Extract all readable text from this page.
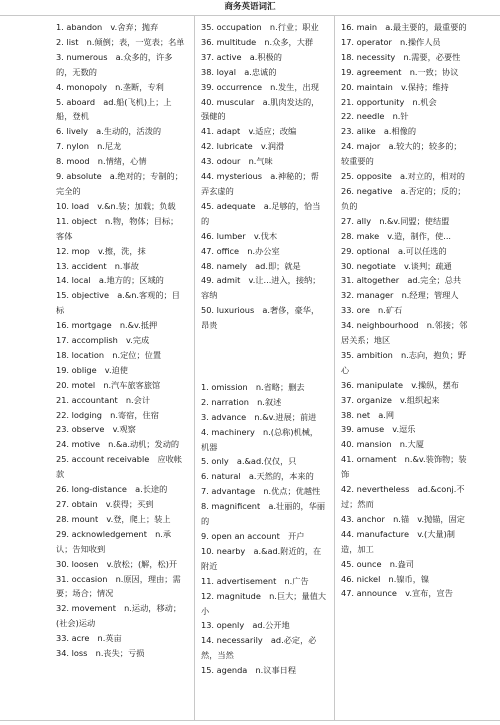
商务英语词汇

1. abandon　v.舍弃；抛弃

2. list　n.倾倒；表，一览表；名单

3. numerous　a.众多的，许多的，无数的

4. monopoly　n.垄断，专利

5. aboard　ad.船(飞机)上；上船，登机

6. lively　a.生动的，活泼的

7. nylon　n.尼龙

8. mood　n.情绪，心情

9. absolute　a.绝对的；专制的；完全的

10. load　v.&n.装；加载；负载

11. object　n.物，物体；目标；客体

12. mop　v.擦，洗，抹

13. accident　n.事故

14. local　a.地方的；区域的

15. objective　a.&n.客观的；目标

16. mortgage　n.&v.抵押

17. accomplish　v.完成

18. location　n.定位；位置

19. oblige　v.迫使

20. motel　n.汽车旅客旅馆

21. accountant　n.会计

22. lodging　n.寄宿，住宿

23. observe　v.观察

24. motive　n.&a.动机；发动的

25. account receivable　应收帐款

26. long-distance　a.长途的

27. obtain　v.获得；买到

28. mount　v.登，爬上；装上

29. acknowledgement　n.承认；告知收到

30. loosen　v.放松；(解，松)开

31. occasion　n.原因，理由；需要；场合；情况

32. movement　n.运动，移动；(社会)运动

33. acre　n.英亩

34. loss　n.丧失；亏损

35. occupation　n.行业；职业

36. multitude　n.众多，大群

37. active　a.积极的

38. loyal　a.忠诚的

39. occurrence　n.发生，出现

40. muscular　a.肌肉发达的，强健的

41. adapt　v.适应；改编

42. lubricate　v.润滑

43. odour　n.气味

44. mysterious　a.神秘的；帮弄玄虚的

45. adequate　a.足够的，恰当的

46. lumber　v.伐木

47. office　n.办公室

48. namely　ad.即；就是

49. admit　v.让...进入，接纳；容纳

50. luxurious　a.奢侈，豪华，昂贵

1. omission　n.省略；删去

2. narration　n.叙述

3. advance　n.&v.进展；前进

4. machinery　n.(总称)机械，机器

5. only　a.&ad.仅仅，只

6. natural　a.天然的，本来的

7. advantage　n.优点；优越性

8. magnificent　a.壮丽的，华丽的

9. open an account　开户

10. nearby　a.&ad.附近的，在附近

11. advertisement　n.广告

12. magnitude　n.巨大；量值大小

13. openly　ad.公开地

14. necessarily　ad.必定，必然，当然

15. agenda　n.议事日程

16. main　a.最主要的，最重要的

17. operator　n.操作人员

18. necessity　n.需要，必要性

19. agreement　n.一致；协议

20. maintain　v.保持；维持

21. opportunity　n.机会

22. needle　n.针

23. alike　a.相像的

24. major　a.较大的；较多的；较重要的

25. opposite　a.对立的，相对的

26. negative　a.否定的；反的；负的

27. ally　n.&v.同盟；使结盟

28. make　v.造，制作，使...

29. optional　a.可以任选的

30. negotiate　v.谈判；疏通

31. altogether　ad.完全；总共

32. manager　n.经理；管理人

33. ore　n.矿石

34. neighbourhood　n.邻接；邻居关系；地区

35. ambition　n.志向，抱负；野心

36. manipulate　v.操纵，摆布

37. organize　v.组织起来

38. net　a.网

39. amuse　v.逗乐

40. mansion　n.大厦

41. ornament　n.&v.装饰物；装饰

42. nevertheless　ad.&conj.不过；然而

43. anchor　n.锚　v.抛锚，固定

44. manufacture　v.(大量)制造，加工

45. ounce　n.盎司

46. nickel　n.镍币，镍

47. announce　v.宣布，宣告
